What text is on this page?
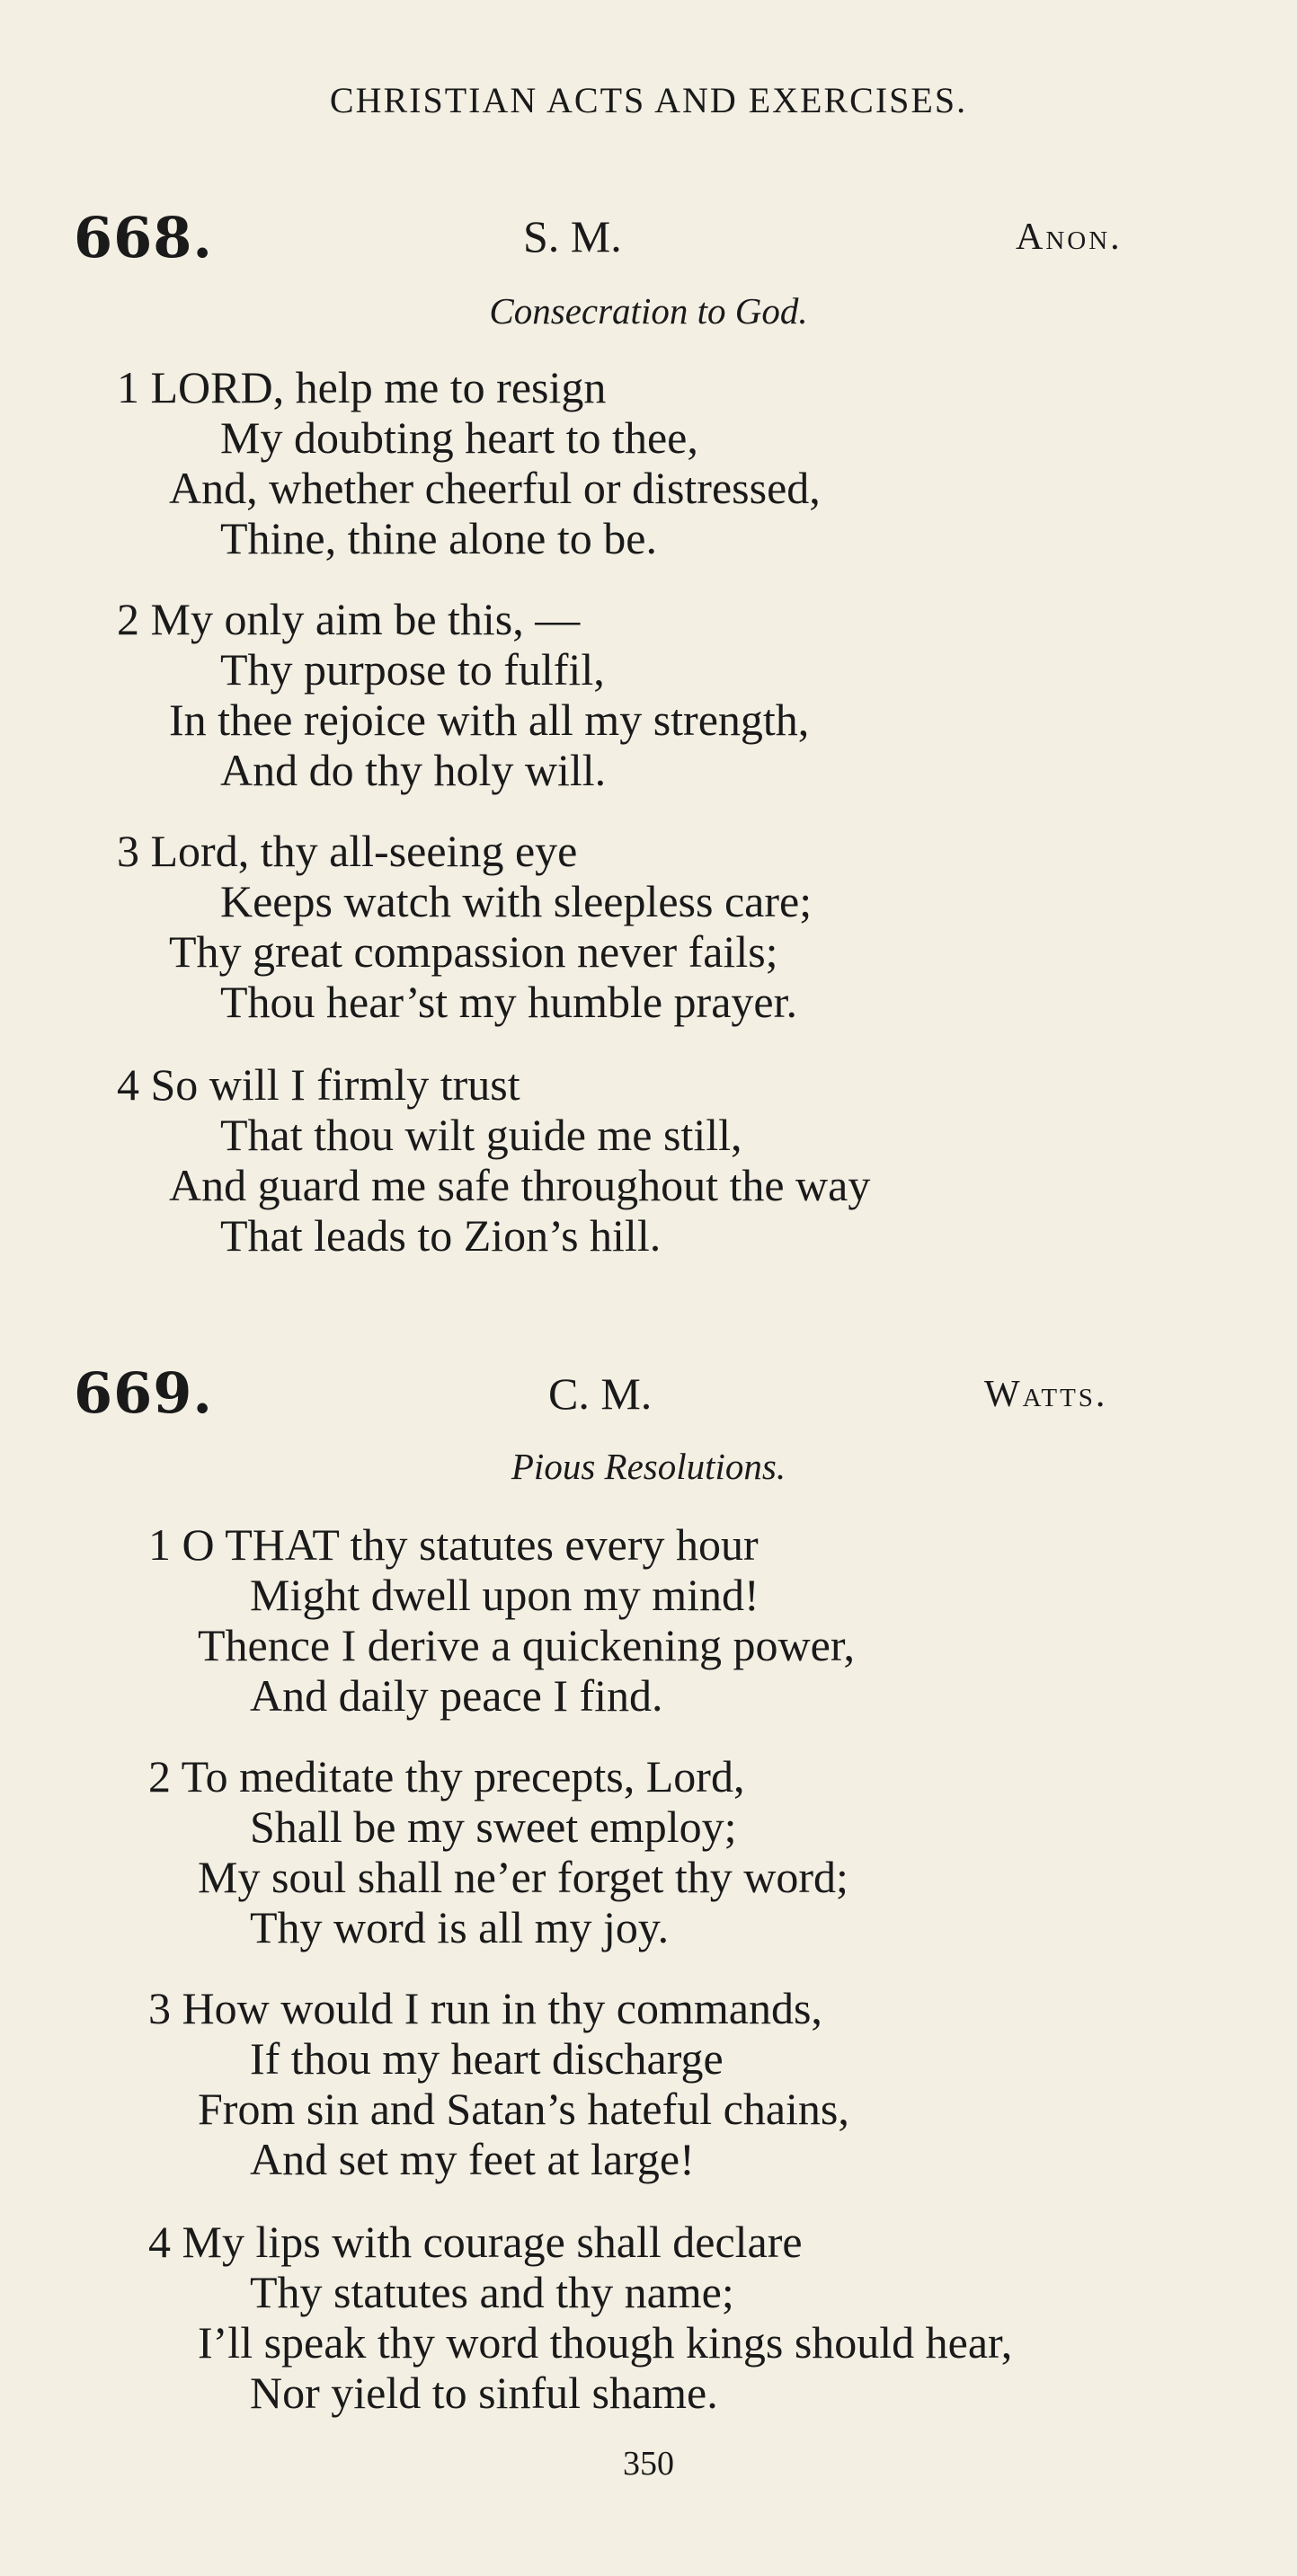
CHRISTIAN ACTS AND EXERCISES.
668.	S. M.	Anon.
Consecration to God.
1 LORD, help me to resign
My doubting heart to thee,
And, whether cheerful or distressed,
Thine, thine alone to be.
2 My only aim be this, —
Thy purpose to fulfil,
In thee rejoice with all my strength,
And do thy holy will.
3 Lord, thy all-seeing eye
Keeps watch with sleepless care;
Thy great compassion never fails;
Thou hear’st my humble prayer.
4 So will I firmly trust
That thou wilt guide me still,
And guard me safe throughout the way
That leads to Zion’s hill.
669.	C. M.	Watts.
Pious Resolutions.
1 O THAT thy statutes every hour
Might dwell upon my mind!
Thence I derive a quickening power,
And daily peace I find.
2 To meditate thy precepts, Lord,
Shall be my sweet employ;
My soul shall ne’er forget thy word;
Thy word is all my joy.
3 How would I run in thy commands,
If thou my heart discharge
From sin and Satan’s hateful chains,
And set my feet at large!
4 My lips with courage shall declare
Thy statutes and thy name;
I’ll speak thy word though kings should hear,
Nor yield to sinful shame.
350
